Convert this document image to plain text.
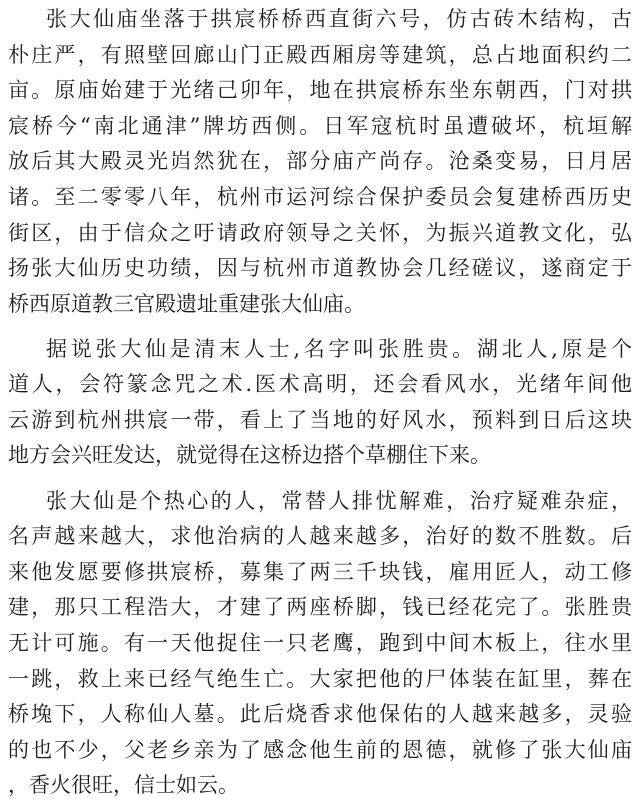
张大仙庙坐落于拱宸桥桥西直街六号，仿古砖木结构，古
朴庄严，有照壁回廊山门正殿西厢房等建筑，总占地面积约二
亩。原庙始建于光绪己卯年，地在拱宸桥东坐东朝西，门对拱
宸桥今“南北通津”牌坊西侧。日军寇杭时虽遭破坏，杭垣解
放后其大殿灵光岿然犹在，部分庙产尚存。沧桑变易，日月居
诸。至二零零八年，杭州市运河综合保护委员会复建桥西历史
街区，由于信众之吁请政府领导之关怀，为振兴道教文化，弘
扬张大仙历史功绩，因与杭州市道教协会几经磋议，遂商定于
桥西原道教三官殿遗址重建张大仙庙。
据说张大仙是清末人士,名字叫张胜贵。湖北人,原是个
道人，会符篆念咒之术.医术高明，还会看风水，光绪年间他
云游到杭州拱宸一带，看上了当地的好风水，预料到日后这块
地方会兴旺发达，就觉得在这桥边搭个草棚住下来。
张大仙是个热心的人，常替人排忧解难，治疗疑难杂症，
名声越来越大，求他治病的人越来越多，治好的数不胜数。后
来他发愿要修拱宸桥，募集了两三千块钱，雇用匠人，动工修
建，那只工程浩大，才建了两座桥脚，钱已经花完了。张胜贵
无计可施。有一天他捉住一只老鹰，跑到中间木板上，往水里
一跳，救上来已经气绝生亡。大家把他的尸体装在缸里，葬在
桥堍下，人称仙人墓。此后烧香求他保佑的人越来越多，灵验
的也不少，父老乡亲为了感念他生前的恩德，就修了张大仙庙
，香火很旺，信士如云。
